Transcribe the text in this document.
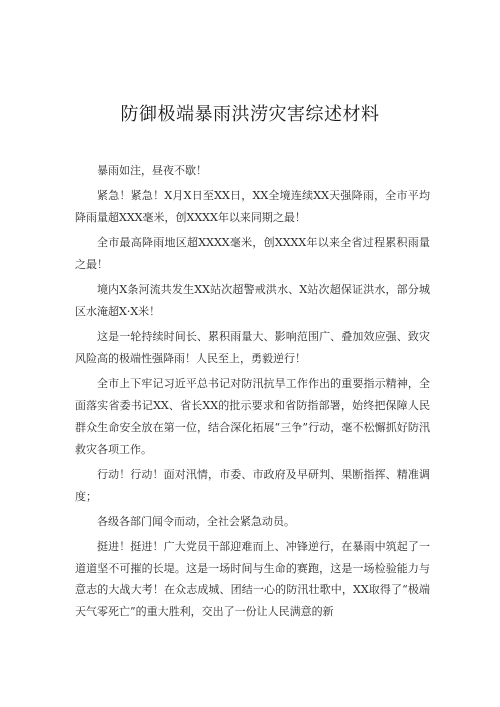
防御极端暴雨洪涝灾害综述材料

暴雨如注，昼夜不歇！

紧急！紧急！X月X日至XX日，XX全境连续XX天强降雨，全市平均降雨量超XXX毫米，创XXXX年以来同期之最！

全市最高降雨地区超XXXX毫米，创XXXX年以来全省过程累积雨量之最！

境内X条河流共发生XX站次超警戒洪水、X站次超保证洪水，部分城区水淹超X·X米！

这是一轮持续时间长、累积雨量大、影响范围广、叠加效应强、致灾风险高的极端性强降雨！人民至上，勇毅逆行！

全市上下牢记习近平总书记对防汛抗旱工作作出的重要指示精神，全面落实省委书记XX、省长XX的批示要求和省防指部署，始终把保障人民群众生命安全放在第一位，结合深化拓展“三争”行动，毫不松懈抓好防汛救灾各项工作。

行动！行动！面对汛情，市委、市政府及早研判、果断指挥、精准调度；

各级各部门闻令而动，全社会紧急动员。

挺进！挺进！广大党员干部迎难而上、冲锋逆行，在暴雨中筑起了一道道坚不可摧的长堤。这是一场时间与生命的赛跑，这是一场检验能力与意志的大战大考！在众志成城、团结一心的防汛壮歌中，XX取得了“极端天气零死亡”的重大胜利，交出了一份让人民满意的新
